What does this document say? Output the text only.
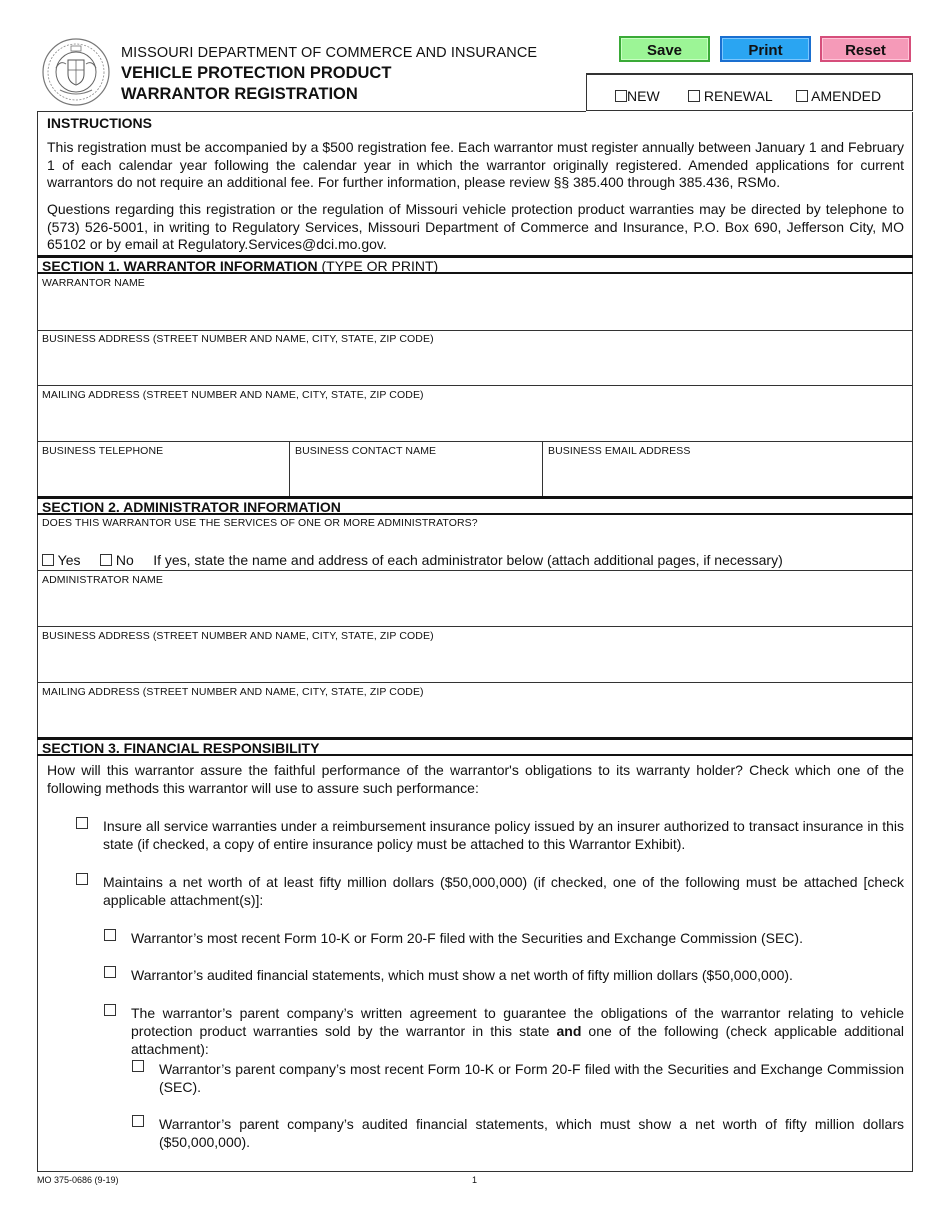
MISSOURI DEPARTMENT OF COMMERCE AND INSURANCE
VEHICLE PROTECTION PRODUCT
WARRANTOR REGISTRATION
Save	Print	Reset
NEW	RENEWAL	AMENDED
INSTRUCTIONS
This registration must be accompanied by a $500 registration fee. Each warrantor must register annually between January 1 and February 1 of each calendar year following the calendar year in which the warrantor originally registered. Amended applications for current warrantors do not require an additional fee. For further information, please review §§ 385.400 through 385.436, RSMo.
Questions regarding this registration or the regulation of Missouri vehicle protection product warranties may be directed by telephone to (573) 526-5001, in writing to Regulatory Services, Missouri Department of Commerce and Insurance, P.O. Box 690, Jefferson City, MO 65102 or by email at Regulatory.Services@dci.mo.gov.
SECTION 1. WARRANTOR INFORMATION (TYPE OR PRINT)
WARRANTOR NAME
BUSINESS ADDRESS (STREET NUMBER AND NAME, CITY, STATE, ZIP CODE)
MAILING ADDRESS (STREET NUMBER AND NAME, CITY, STATE, ZIP CODE)
BUSINESS TELEPHONE	BUSINESS CONTACT NAME	BUSINESS EMAIL ADDRESS
SECTION 2. ADMINISTRATOR INFORMATION
DOES THIS WARRANTOR USE THE SERVICES OF ONE OR MORE ADMINISTRATORS?
Yes	No If yes, state the name and address of each administrator below (attach additional pages, if necessary)
ADMINISTRATOR NAME
BUSINESS ADDRESS (STREET NUMBER AND NAME, CITY, STATE, ZIP CODE)
MAILING ADDRESS (STREET NUMBER AND NAME, CITY, STATE, ZIP CODE)
SECTION 3. FINANCIAL RESPONSIBILITY
How will this warrantor assure the faithful performance of the warrantor's obligations to its warranty holder? Check which one of the following methods this warrantor will use to assure such performance:
Insure all service warranties under a reimbursement insurance policy issued by an insurer authorized to transact insurance in this state (if checked, a copy of entire insurance policy must be attached to this Warrantor Exhibit).
Maintains a net worth of at least fifty million dollars ($50,000,000) (if checked, one of the following must be attached [check applicable attachment(s)]:
Warrantor’s most recent Form 10-K or Form 20-F filed with the Securities and Exchange Commission (SEC).
Warrantor’s audited financial statements, which must show a net worth of fifty million dollars ($50,000,000).
The warrantor’s parent company’s written agreement to guarantee the obligations of the warrantor relating to vehicle protection product warranties sold by the warrantor in this state and one of the following (check applicable additional attachment):
Warrantor’s parent company’s most recent Form 10-K or Form 20-F filed with the Securities and Exchange Commission (SEC).
Warrantor’s parent company’s audited financial statements, which must show a net worth of fifty million dollars ($50,000,000).
MO 375-0686 (9-19)	1
